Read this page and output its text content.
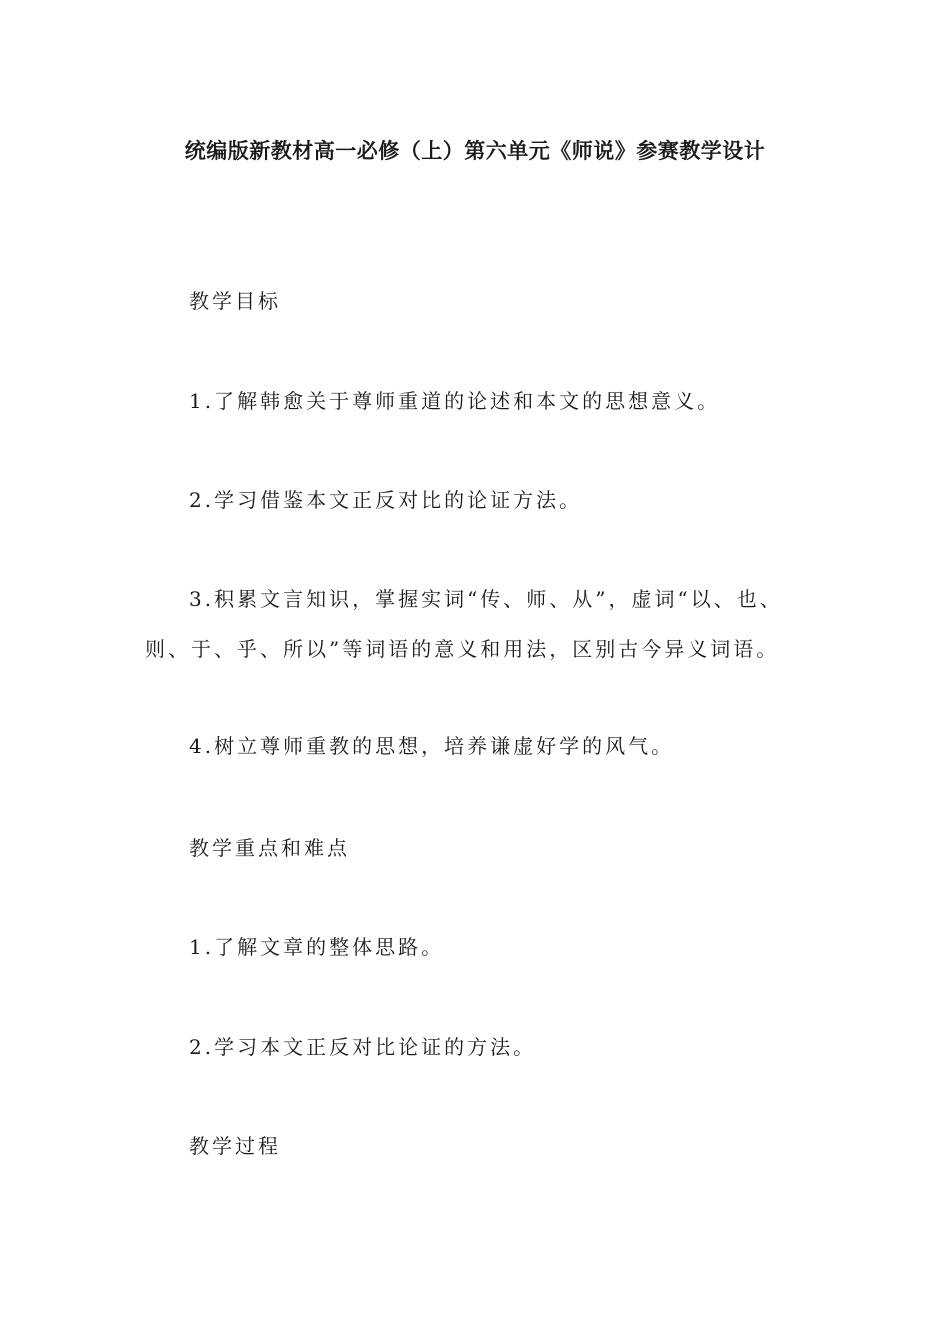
统编版新教材高一必修（上）第六单元《师说》参赛教学设计
教学目标
1.了解韩愈关于尊师重道的论述和本文的思想意义。
2.学习借鉴本文正反对比的论证方法。
3.积累文言知识，掌握实词“传、师、从”，虚词“以、也、则、于、乎、所以”等词语的意义和用法，区别古今异义词语。
4.树立尊师重教的思想，培养谦虚好学的风气。
教学重点和难点
1.了解文章的整体思路。
2.学习本文正反对比论证的方法。
教学过程
